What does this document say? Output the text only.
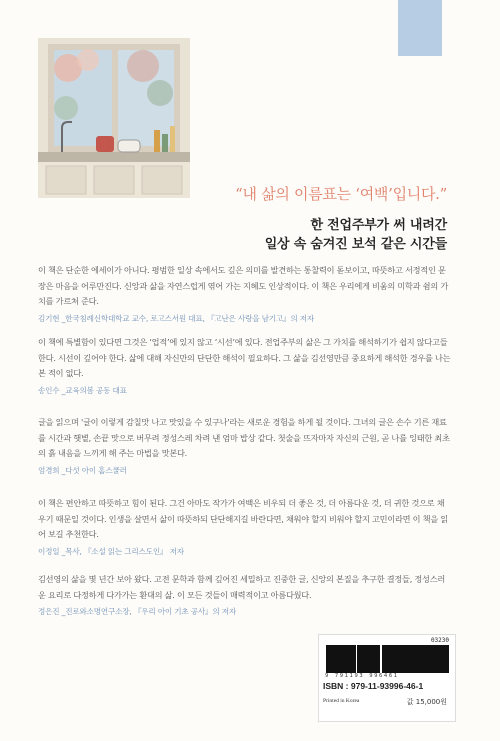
“내 삶의 이름표는 ‘여백’입니다.”
한 전업주부가 써 내려간
일상 속 숨겨진 보석 같은 시간들

이 책은 단순한 에세이가 아니다. 평범한 일상 속에서도 깊은 의미를 발견하는 통찰력이 돋보이고, 따뜻하고 서정적인 문장은 마음을 어루만진다. 신앙과 삶을 자연스럽게 엮어 가는 지혜도 인상적이다. 이 책은 우리에게 비움의 미학과 쉼의 가치를 가르쳐 준다.

김기현 _한국침례신학대학교 교수, 로고스서원 대표, 『고난은 사랑을 남기고』의 저자

이 책에 특별함이 있다면 그것은 ‘업적’에 있지 않고 ‘시선’에 있다. 전업주부의 삶은 그 가치를 해석하기가 쉽지 않다고들 한다. 시선이 깊어야 한다. 삶에 대해 자신만의 단단한 해석이 필요하다. 그 삶을 김선영만큼 중요하게 해석한 경우를 나는 본 적이 없다.

송인수 _교육의봄 공동 대표

글을 읽으며 '글이 이렇게 감칠맛 나고 맛있을 수 있구나'라는 새로운 경험을 하게 될 것이다. 그녀의 글은 손수 기른 재료를 시간과 햇볕, 손끝 맛으로 버무려 정성스레 차려 낸 엄마 밥상 같다. 첫술을 뜨자마자 자신의 근원, 곧 나를 잉태한 최초의 흙 내음을 느끼게 해 주는 마법을 맛본다.

엄경희 _다섯 아이 홈스쿨러

이 책은 편안하고 따뜻하고 힘이 된다. 그건 아마도 작가가 여백은 비우되 더 좋은 것, 더 아름다운 것, 더 귀한 것으로 채우기 때문일 것이다. 인생을 살면서 삶이 따뜻하되 단단해지길 바란다면, 채워야 할지 비워야 할지 고민이라면 이 책을 읽어 보길 추천한다.

이정일 _목사, 『소설 읽는 그리스도인』 저자

김선영의 삶을 몇 년간 보아 왔다. 고전 문학과 함께 깊어진 세밀하고 진중한 글, 신앙의 본질을 추구한 결정들, 정성스러운 요리로 다정하게 다가가는 환대의 삶. 이 모든 것들이 매력적이고 아름다웠다.

정은진 _진로와소명연구소장, 『우리 아이 기초 공사』의 저자
03230
9 791193 996461
ISBN : 979-11-93996-46-1
Printed in Korea	값 15,000원
